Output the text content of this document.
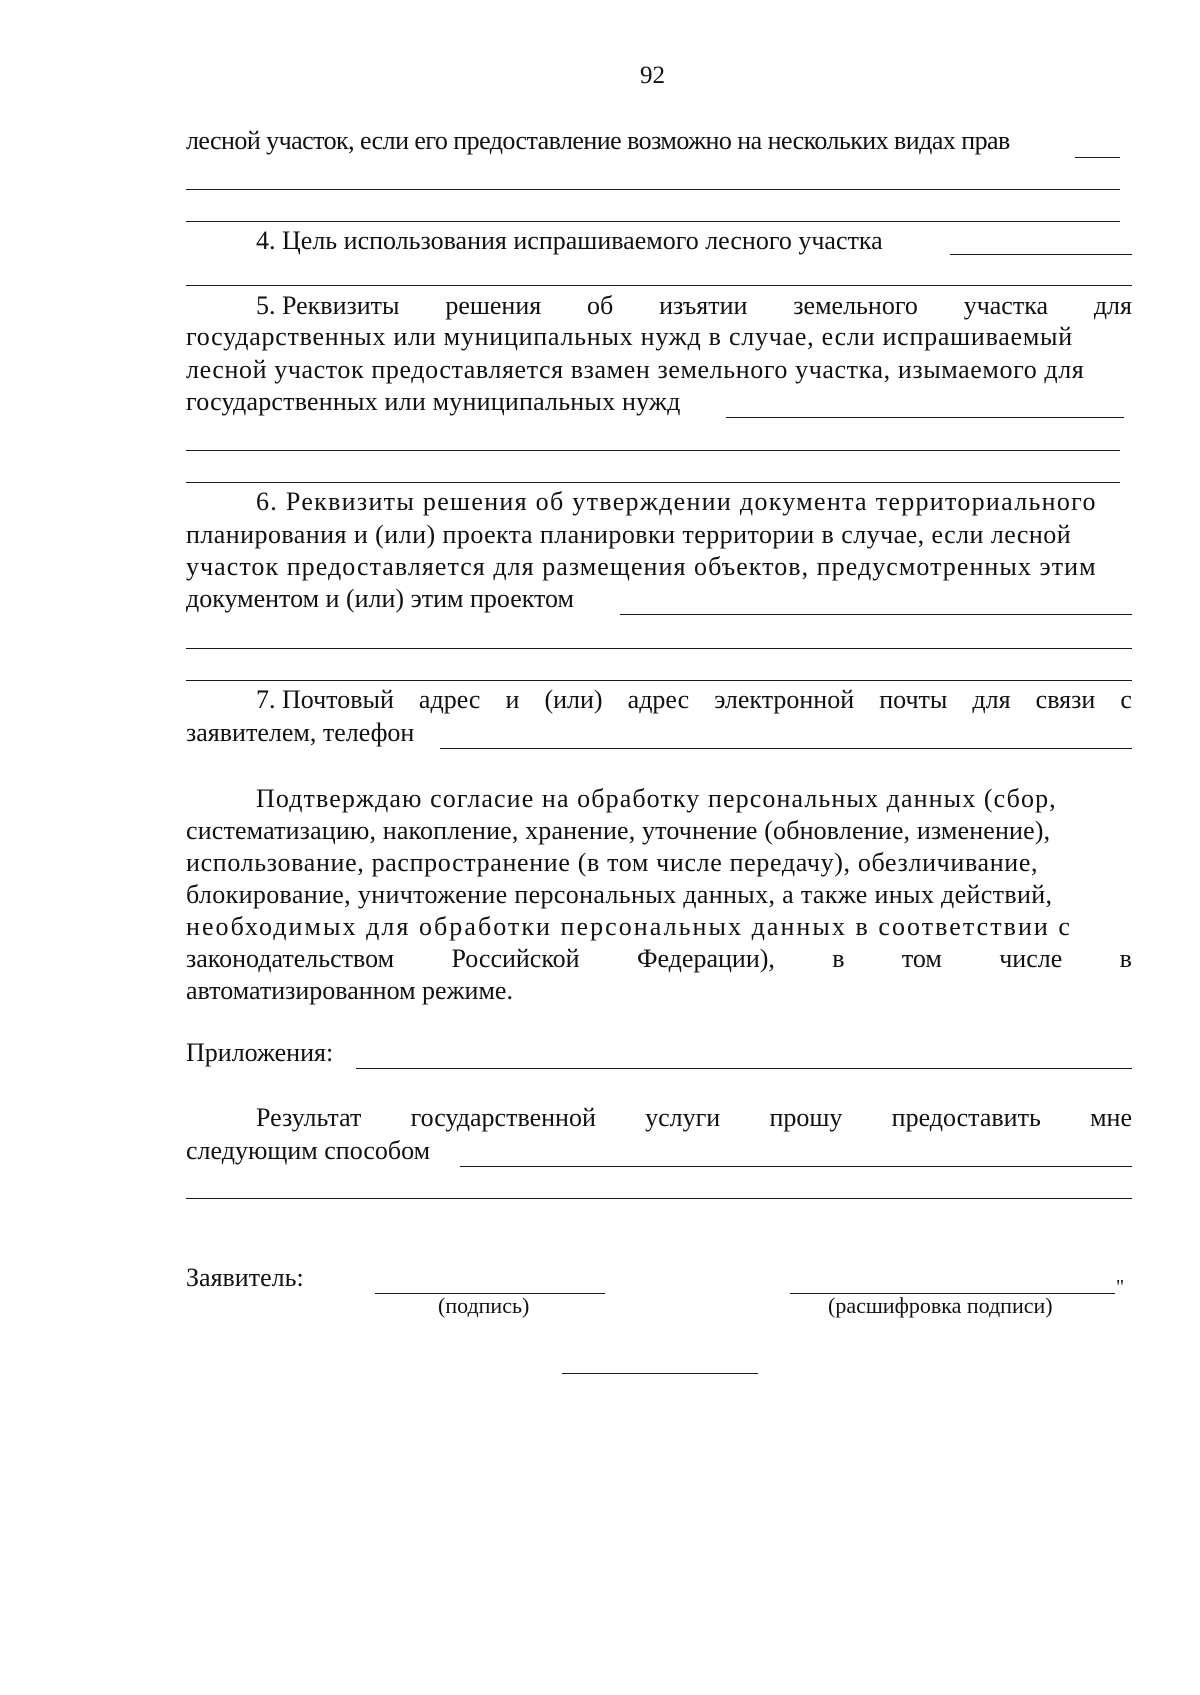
92
лесной участок, если его предоставление возможно на нескольких видах прав
4. Цель использования испрашиваемого лесного участка
5. Реквизиты решения об изъятии земельного участка для
государственных или муниципальных нужд в случае, если испрашиваемый
лесной участок предоставляется взамен земельного участка, изымаемого для
государственных или муниципальных нужд
6. Реквизиты решения об утверждении документа территориального
планирования и (или) проекта планировки территории в случае, если лесной
участок предоставляется для размещения объектов, предусмотренных этим
документом и (или) этим проектом
7. Почтовый адрес и (или) адрес электронной почты для связи с
заявителем, телефон
Подтверждаю согласие на обработку персональных данных (сбор,
систематизацию, накопление, хранение, уточнение (обновление, изменение),
использование, распространение (в том числе передачу), обезличивание,
блокирование, уничтожение персональных данных, а также иных действий,
необходимых для обработки персональных данных в соответствии с
законодательством Российской Федерации), в том числе в
автоматизированном режиме.
Приложения:
Результат государственной услуги прошу предоставить мне
следующим способом
Заявитель:
(подпись)
"
(расшифровка подписи)
